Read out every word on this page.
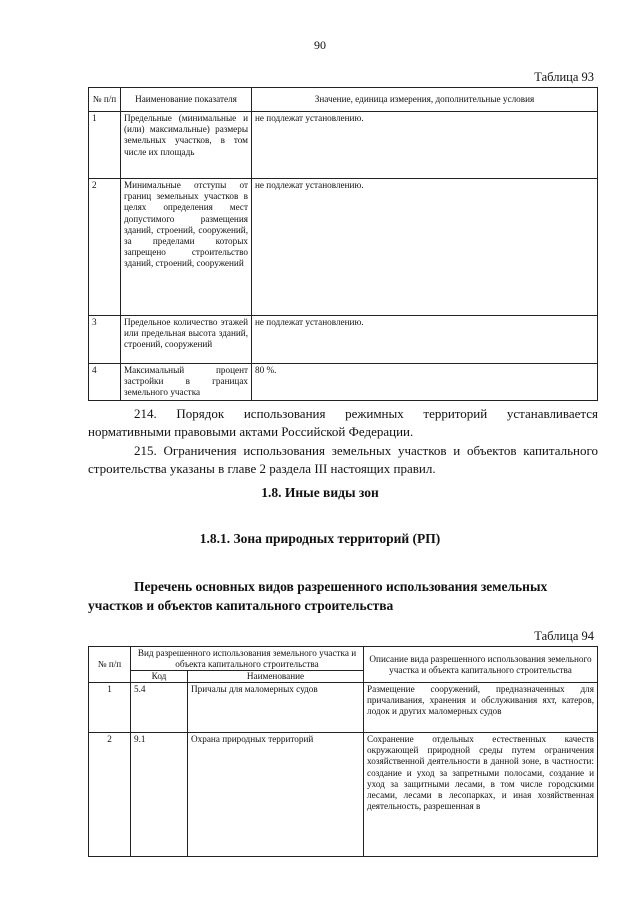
90
Таблица 93
№ п/п	Наименование показателя	Значение, единица измерения, дополнительные условия
1	Предельные (минимальные и (или) максимальные) размеры земельных участков, в том числе их площадь	не подлежат установлению.
2	Минимальные отступы от границ земельных участков в целях определения мест допустимого размещения зданий, строений, сооружений, за пределами которых запрещено строительство зданий, строений, сооружений	не подлежат установлению.
3	Предельное количество этажей или предельная высота зданий, строений, сооружений	не подлежат установлению.
4	Максимальный процент застройки в границах земельного участка	80 %.
214. Порядок использования режимных территорий устанавливается нормативными правовыми актами Российской Федерации.
215. Ограничения использования земельных участков и объектов капитального строительства указаны в главе 2 раздела III настоящих правил.
1.8. Иные виды зон
1.8.1. Зона природных территорий (РП)
Перечень основных видов разрешенного использования земельных участков и объектов капитального строительства
Таблица 94
№ п/п	Вид разрешенного использования земельного участка и объекта капитального строительства		Описание вида разрешенного использования земельного участка и объекта капитального строительства
	Код	Наименование	
1	5.4	Причалы для маломерных судов	Размещение сооружений, предназначенных для причаливания, хранения и обслуживания яхт, катеров, лодок и других маломерных судов
2	9.1	Охрана природных территорий	Сохранение отдельных естественных качеств окружающей природной среды путем ограничения хозяйственной деятельности в данной зоне, в частности: создание и уход за запретными полосами, создание и уход за защитными лесами, в том числе городскими лесами, лесами в лесопарках, и иная хозяйственная деятельность, разрешенная в
